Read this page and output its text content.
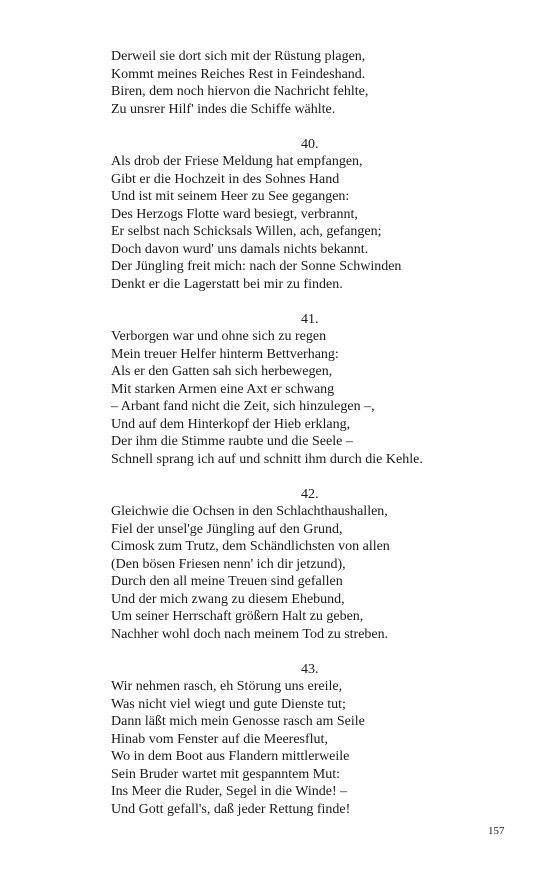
Derweil sie dort sich mit der Rüstung plagen,
Kommt meines Reiches Rest in Feindeshand.
Biren, dem noch hiervon die Nachricht fehlte,
Zu unsrer Hilf' indes die Schiffe wählte.
40.
Als drob der Friese Meldung hat empfangen,
Gibt er die Hochzeit in des Sohnes Hand
Und ist mit seinem Heer zu See gegangen:
Des Herzogs Flotte ward besiegt, verbrannt,
Er selbst nach Schicksals Willen, ach, gefangen;
Doch davon wurd' uns damals nichts bekannt.
Der Jüngling freit mich: nach der Sonne Schwinden
Denkt er die Lagerstatt bei mir zu finden.
41.
Verborgen war und ohne sich zu regen
Mein treuer Helfer hinterm Bettverhang:
Als er den Gatten sah sich herbewegen,
Mit starken Armen eine Axt er schwang
– Arbant fand nicht die Zeit, sich hinzulegen –,
Und auf dem Hinterkopf der Hieb erklang,
Der ihm die Stimme raubte und die Seele –
Schnell sprang ich auf und schnitt ihm durch die Kehle.
42.
Gleichwie die Ochsen in den Schlachthaushallen,
Fiel der unsel'ge Jüngling auf den Grund,
Cimosk zum Trutz, dem Schändlichsten von allen
(Den bösen Friesen nenn' ich dir jetzund),
Durch den all meine Treuen sind gefallen
Und der mich zwang zu diesem Ehebund,
Um seiner Herrschaft größern Halt zu geben,
Nachher wohl doch nach meinem Tod zu streben.
43.
Wir nehmen rasch, eh Störung uns ereile,
Was nicht viel wiegt und gute Dienste tut;
Dann läßt mich mein Genosse rasch am Seile
Hinab vom Fenster auf die Meeresflut,
Wo in dem Boot aus Flandern mittlerweile
Sein Bruder wartet mit gespanntem Mut:
Ins Meer die Ruder, Segel in die Winde! –
Und Gott gefall's, daß jeder Rettung finde!
157
